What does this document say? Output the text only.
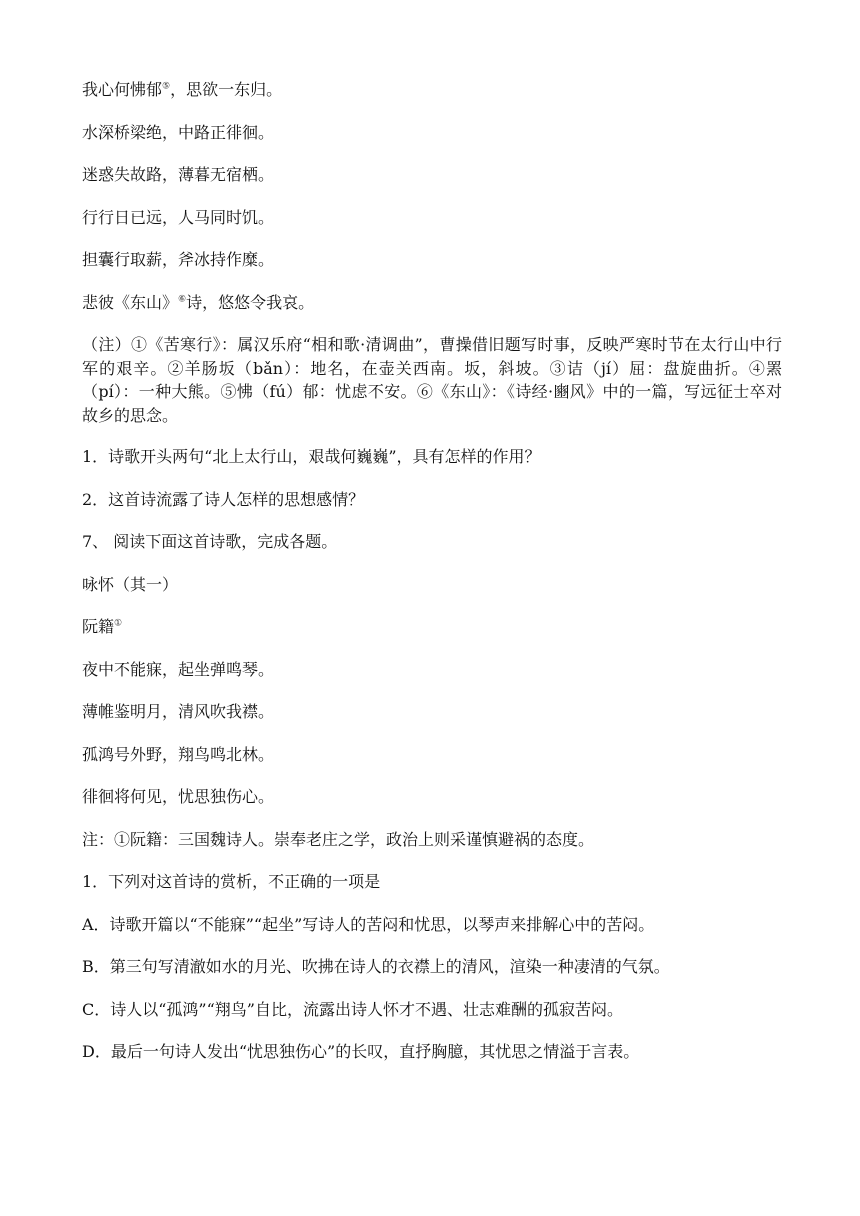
我心何怫郁⑤，思欲一东归。

水深桥梁绝，中路正徘徊。

迷惑失故路，薄暮无宿栖。

行行日已远，人马同时饥。

担囊行取薪，斧冰持作糜。

悲彼《东山》⑥诗，悠悠令我哀。

（注）①《苦寒行》：属汉乐府“相和歌·清调曲”，曹操借旧题写时事，反映严寒时节在太行山中行军的艰辛。②羊肠坂（bǎn）：地名，在壶关西南。坂，斜坡。③诘（jí）屈：盘旋曲折。④罴（pí）：一种大熊。⑤怫（fú）郁：忧虑不安。⑥《东山》：《诗经·豳风》中的一篇，写远征士卒对故乡的思念。

1．诗歌开头两句“北上太行山，艰哉何巍巍”，具有怎样的作用？

2．这首诗流露了诗人怎样的思想感情？

7、 阅读下面这首诗歌，完成各题。

咏怀（其一）

阮籍①

夜中不能寐，起坐弹鸣琴。

薄帷鉴明月，清风吹我襟。

孤鸿号外野，翔鸟鸣北林。

徘徊将何见，忧思独伤心。

注：①阮籍：三国魏诗人。崇奉老庄之学，政治上则采谨慎避祸的态度。

1．下列对这首诗的赏析，不正确的一项是

A．诗歌开篇以“不能寐”“起坐”写诗人的苦闷和忧思，以琴声来排解心中的苦闷。

B．第三句写清澈如水的月光、吹拂在诗人的衣襟上的清风，渲染一种凄清的气氛。

C．诗人以“孤鸿”“翔鸟”自比，流露出诗人怀才不遇、壮志难酬的孤寂苦闷。

D．最后一句诗人发出“忧思独伤心”的长叹，直抒胸臆，其忧思之情溢于言表。
